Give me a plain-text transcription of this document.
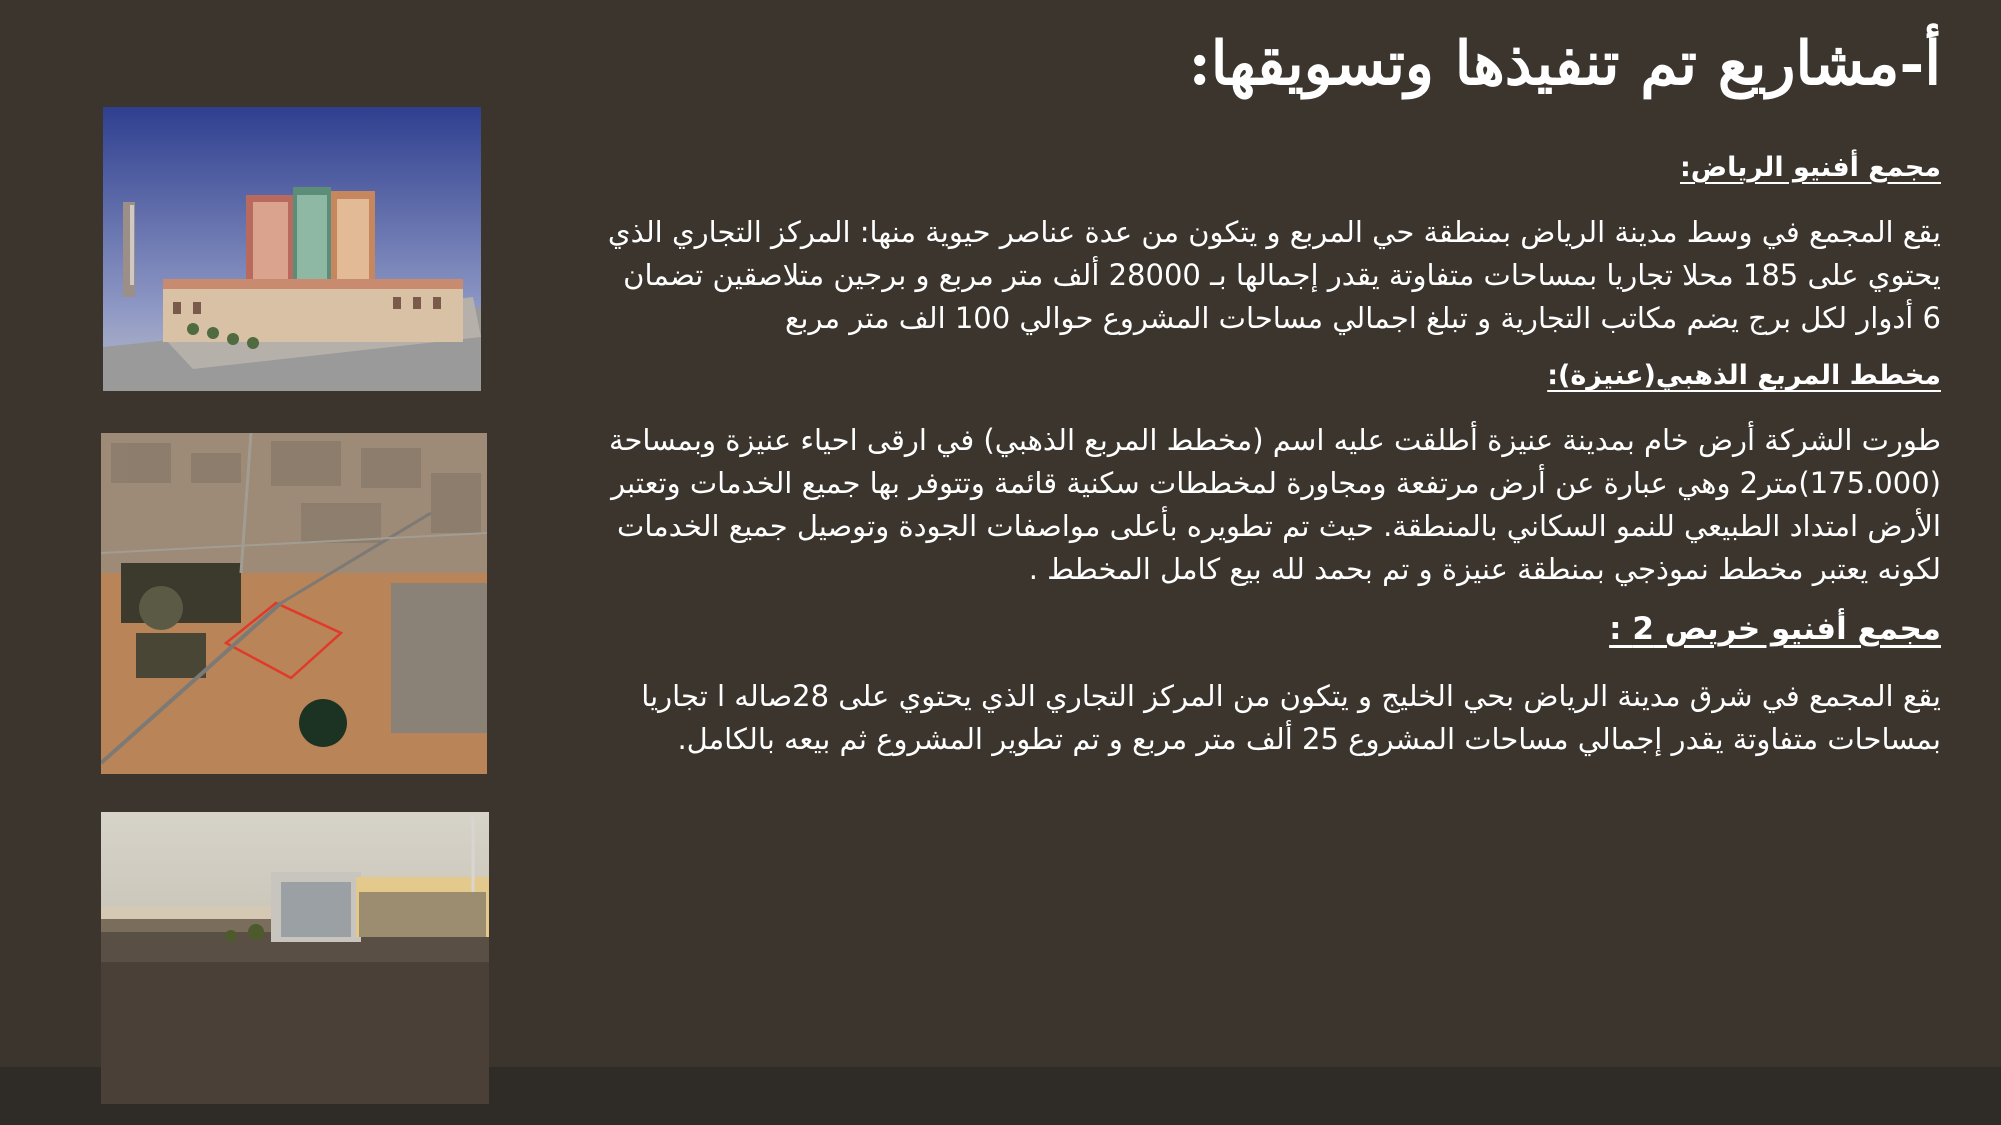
أ-مشاريع تم تنفيذها وتسويقها:
مجمع أفنيو الرياض:
يقع المجمع في وسط مدينة الرياض بمنطقة حي المربع و يتكون من عدة عناصر حيوية منها: المركز التجاري الذي يحتوي على 185 محلا تجاريا بمساحات متفاوتة يقدر إجمالها بـ 28000 ألف متر مربع و برجين متلاصقين تضمان 6 أدوار لكل برج يضم مكاتب التجارية و تبلغ اجمالي مساحات المشروع حوالي 100 الف متر مربع
مخطط المربع الذهبي(عنيزة):
طورت الشركة أرض خام بمدينة عنيزة أطلقت عليه اسم (مخطط المربع الذهبي) في ارقى احياء عنيزة وبمساحة (175.000)متر2 وهي عبارة عن أرض مرتفعة ومجاورة لمخططات سكنية قائمة وتتوفر بها جميع الخدمات وتعتبر الأرض امتداد الطبيعي للنمو السكاني بالمنطقة. حيث تم تطويره بأعلى مواصفات الجودة وتوصيل جميع الخدمات لكونه يعتبر مخطط نموذجي بمنطقة عنيزة و تم بحمد لله بيع كامل المخطط .
مجمع أفنيو خريص 2 :
يقع المجمع في شرق مدينة الرياض بحي الخليج و يتكون من المركز التجاري الذي يحتوي على 28صاله ا تجاريا بمساحات متفاوتة يقدر إجمالي مساحات المشروع 25 ألف متر مربع و تم تطوير المشروع ثم بيعه بالكامل.
